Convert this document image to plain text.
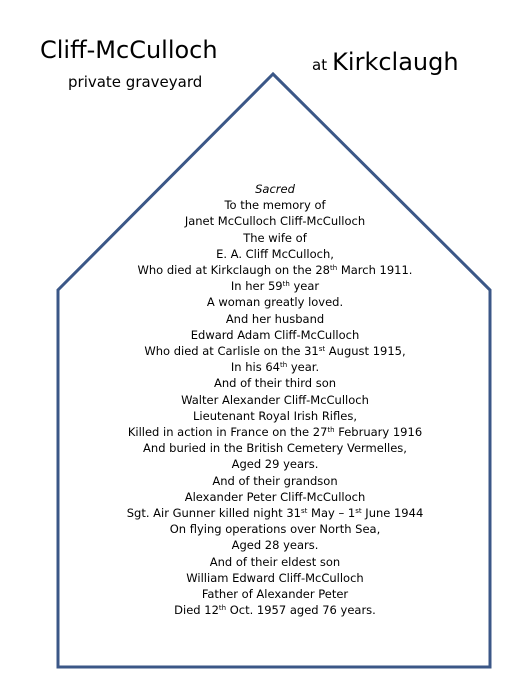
Cliff-McCulloch
private graveyard
at Kirkclaugh
Sacred
To the memory of
Janet McCulloch Cliff-McCulloch
The wife of
E. A. Cliff McCulloch,
Who died at Kirkclaugh on the 28th March 1911.
In her 59th year
A woman greatly loved.
And her husband
Edward Adam Cliff-McCulloch
Who died at Carlisle on the 31st August 1915,
In his 64th year.
And of their third son
Walter Alexander Cliff-McCulloch
Lieutenant Royal Irish Rifles,
Killed in action in France on the 27th February 1916
And buried in the British Cemetery Vermelles,
Aged 29 years.
And of their grandson
Alexander Peter Cliff-McCulloch
Sgt. Air Gunner killed night 31st May – 1st June 1944
On flying operations over North Sea,
Aged 28 years.
And of their eldest son
William Edward Cliff-McCulloch
Father of Alexander Peter
Died 12th Oct. 1957 aged 76 years.
